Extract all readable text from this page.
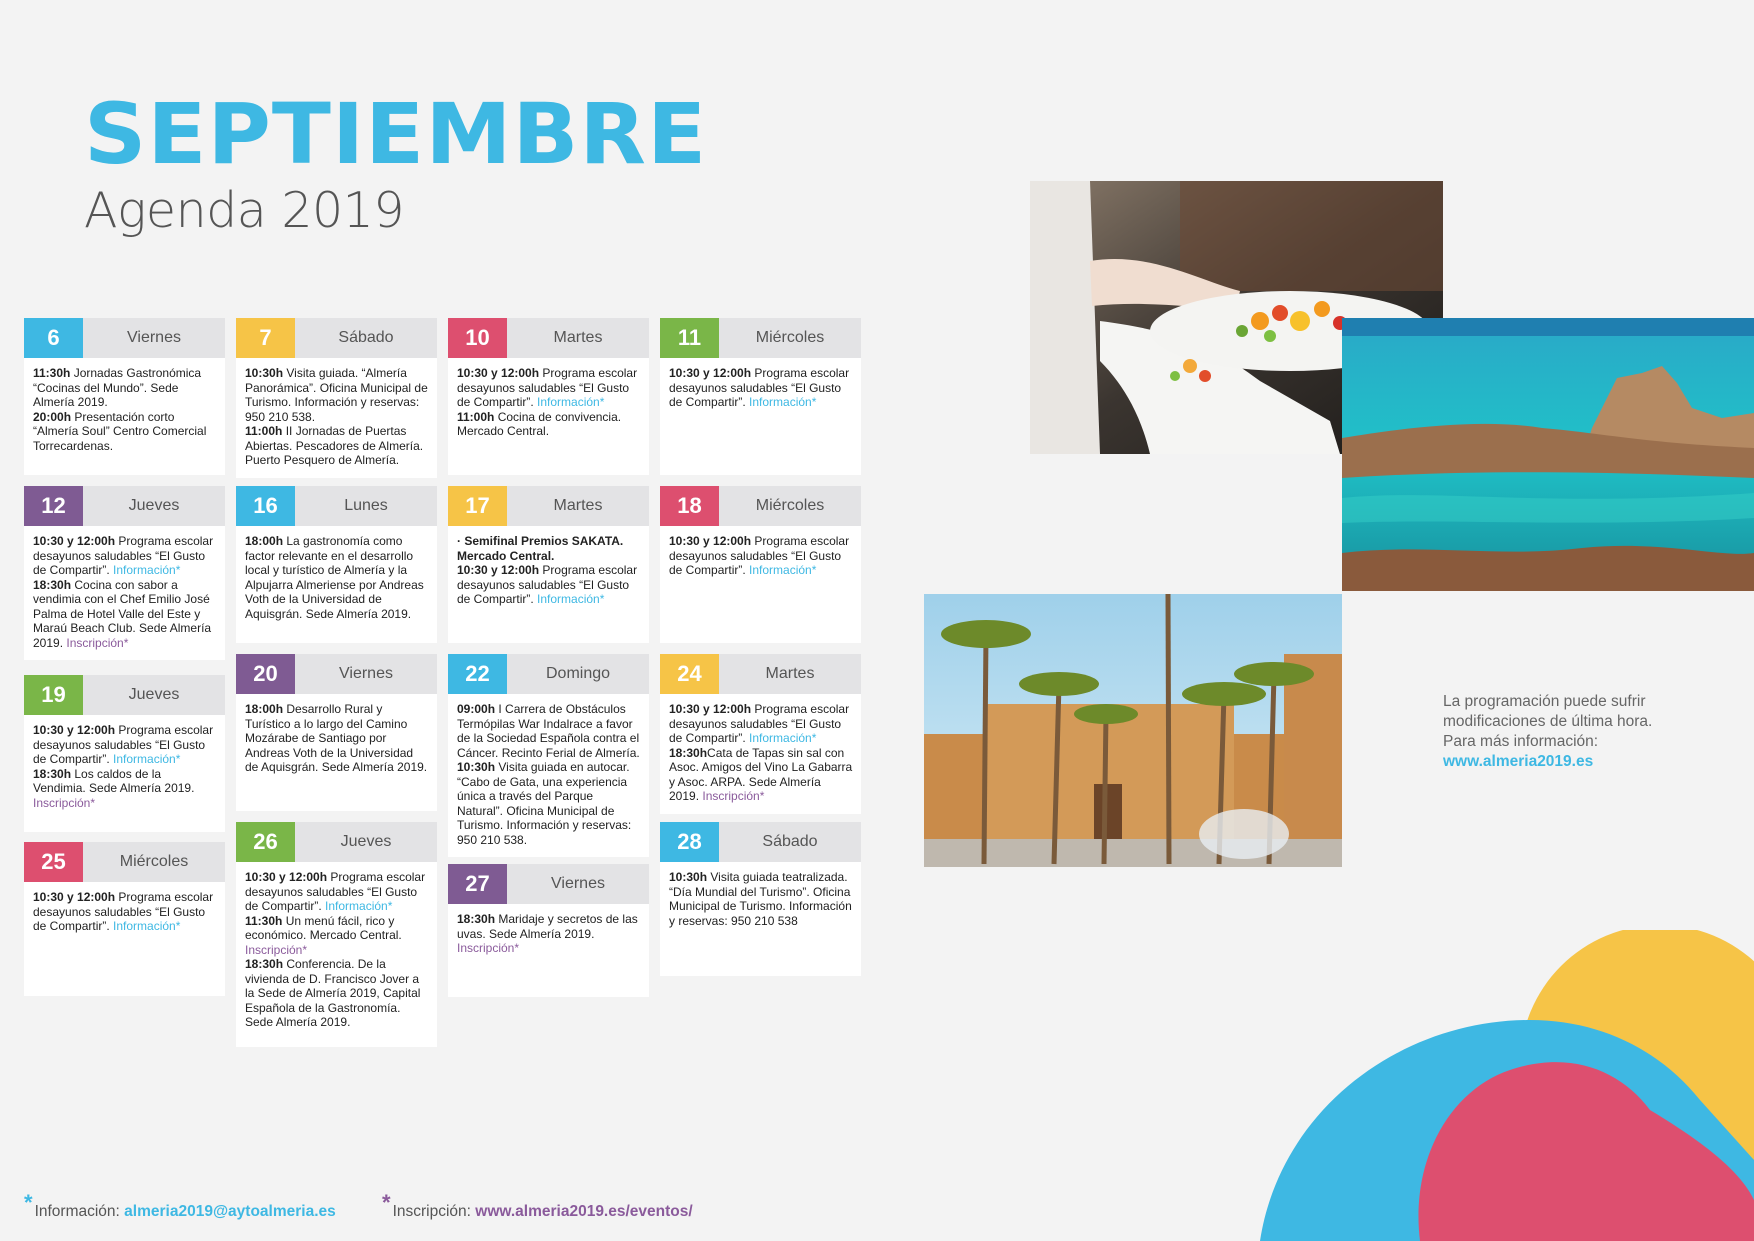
SEPTIEMBRE
Agenda 2019
6	Viernes
11:30h Jornadas Gastronómica “Cocinas del Mundo”. Sede Almería 2019.
20:00h Presentación corto “Almería Soul” Centro Comercial Torrecardenas.
7	Sábado
10:30h Visita guiada. “Almería Panorámica”. Oficina Municipal de Turismo. Información y reservas: 950 210 538.
11:00h II Jornadas de Puertas Abiertas. Pescadores de Almería. Puerto Pesquero de Almería.
10	Martes
10:30 y 12:00h Programa escolar desayunos saludables “El Gusto de Compartir”. Información*
11:00h Cocina de convivencia. Mercado Central.
11	Miércoles
10:30 y 12:00h Programa escolar desayunos saludables “El Gusto de Compartir”. Información*
12	Jueves
10:30 y 12:00h Programa escolar desayunos saludables “El Gusto de Compartir”. Información*
18:30h Cocina con sabor a vendimia con el Chef Emilio José Palma de Hotel Valle del Este y Maraú Beach Club. Sede Almería 2019. Inscripción*
16	Lunes
18:00h La gastronomía como factor relevante en el desarrollo local y turístico de Almería y la Alpujarra Almeriense por Andreas Voth de la Universidad de Aquisgrán. Sede Almería 2019.
17	Martes
· Semifinal Premios SAKATA. Mercado Central.
10:30 y 12:00h Programa escolar desayunos saludables “El Gusto de Compartir”. Información*
18	Miércoles
10:30 y 12:00h Programa escolar desayunos saludables “El Gusto de Compartir”. Información*
19	Jueves
10:30 y 12:00h Programa escolar desayunos saludables “El Gusto de Compartir”. Información*
18:30h Los caldos de la Vendimia. Sede Almería 2019. Inscripción*
20	Viernes
18:00h Desarrollo Rural y Turístico a lo largo del Camino Mozárabe de Santiago por Andreas Voth de la Universidad de Aquisgrán. Sede Almería 2019.
22	Domingo
09:00h I Carrera de Obstáculos Termópilas War Indalrace a favor de la Sociedad Española contra el Cáncer. Recinto Ferial de Almería.
10:30h Visita guiada en autocar. “Cabo de Gata, una experiencia única a través del Parque Natural”. Oficina Municipal de Turismo. Información y reservas: 950 210 538.
24	Martes
10:30 y 12:00h Programa escolar desayunos saludables “El Gusto de Compartir”. Información*
18:30hCata de Tapas sin sal con Asoc. Amigos del Vino La Gabarra y Asoc. ARPA. Sede Almería 2019. Inscripción*
25	Miércoles
10:30 y 12:00h Programa escolar desayunos saludables “El Gusto de Compartir”. Información*
26	Jueves
10:30 y 12:00h Programa escolar desayunos saludables “El Gusto de Compartir”. Información*
11:30h Un menú fácil, rico y económico. Mercado Central. Inscripción*
18:30h Conferencia. De la vivienda de D. Francisco Jover a la Sede de Almería 2019, Capital Española de la Gastronomía. Sede Almería 2019.
27	Viernes
18:30h Maridaje y secretos de las uvas. Sede Almería 2019. Inscripción*
28	Sábado
10:30h Visita guiada teatralizada. “Día Mundial del Turismo”. Oficina Municipal de Turismo. Información y reservas: 950 210 538
La programación puede sufrir
modificaciones de última hora.
Para más información:
www.almeria2019.es
* Información: almeria2019@aytoalmeria.es * Inscripción: www.almeria2019.es/eventos/
